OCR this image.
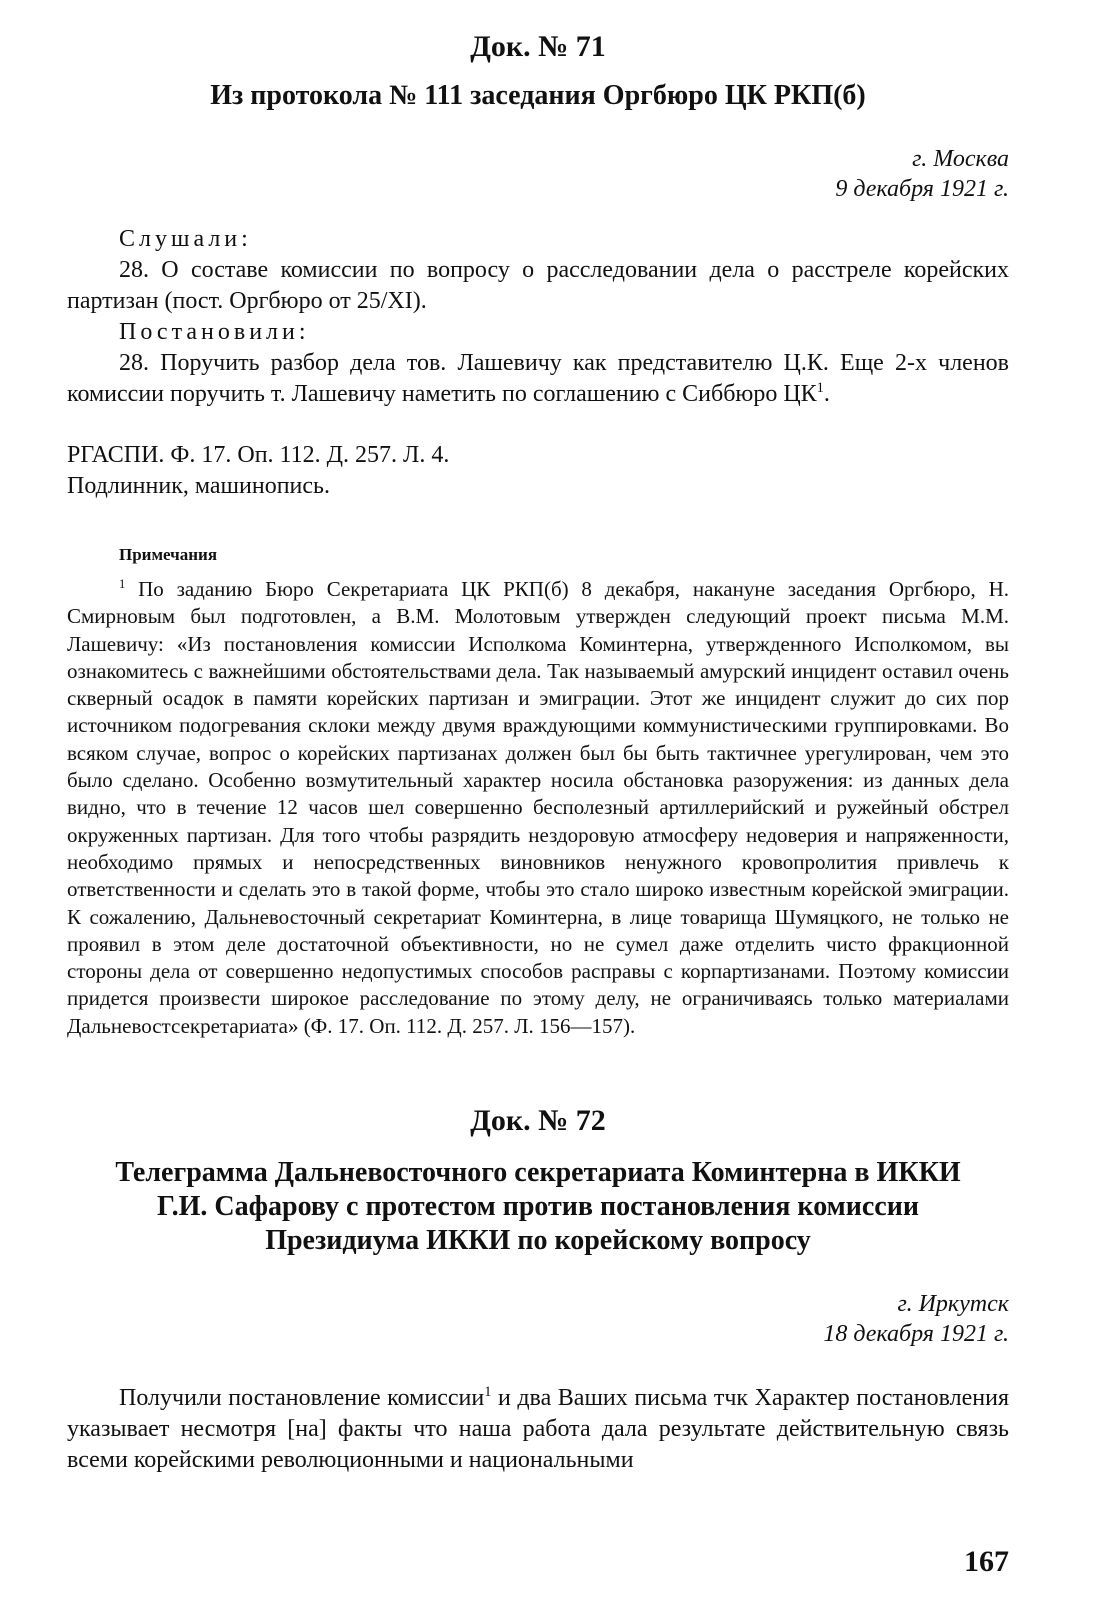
Док. № 71
Из протокола № 111 заседания Оргбюро ЦК РКП(б)
г. Москва
9 декабря 1921 г.

Слушали:

28. О составе комиссии по вопросу о расследовании дела о расстреле корейских партизан (пост. Оргбюро от 25/XI).

Постановили:

28. Поручить разбор дела тов. Лашевичу как представителю Ц.К. Еще 2-х членов комиссии поручить т. Лашевичу наметить по соглашению с Сиббюро $ЦК^1$.

РГАСПИ. Ф. 17. Оп. 112. Д. 257. Л. 4.

Подлинник, машинопись.

Примечания

$^1$ По заданию Бюро Секретариата ЦК РКП(б) 8 декабря, накануне заседания Оргбюро, Н. Смирновым был подготовлен, а В.М. Молотовым утвержден следующий проект письма М.М. Лашевичу: «Из постановления комиссии Исполкома Коминтерна, утвержденного Исполкомом, вы ознакомитесь с важнейшими обстоятельствами дела. Так называемый амурский инцидент оставил очень скверный осадок в памяти корейских партизан и эмиграции. Этот же инцидент служит до сих пор источником подогревания склоки между двумя враждующими коммунистическими группировками. Во всяком случае, вопрос о корейских партизанах должен был бы быть тактичнее урегулирован, чем это было сделано. Особенно возмутительный характер носила обстановка разоружения: из данных дела видно, что в течение 12 часов шел совершенно бесполезный артиллерийский и ружейный обстрел окруженных партизан. Для того чтобы разрядить нездоровую атмосферу недоверия и напряженности, необходимо прямых и непосредственных виновников ненужного кровопролития привлечь к ответственности и сделать это в такой форме, чтобы это стало широко известным корейской эмиграции. К сожалению, Дальневосточный секретариат Коминтерна, в лице товарища Шумяцкого, не только не проявил в этом деле достаточной объективности, но не сумел даже отделить чисто фракционной стороны дела от совершенно недопустимых способов расправы с корпартизанами. Поэтому комиссии придется произвести широкое расследование по этому делу, не ограничиваясь только материалами Дальневостсекретариата» (Ф. 17. Оп. 112. Д. 257. Л. 156—157).

Док. № 72
Телеграмма Дальневосточного секретариата Коминтерна в ИККИ
Г.И. Сафарову с протестом против постановления комиссии
Президиума ИККИ по корейскому вопросу
г. Иркутск
18 декабря 1921 г.

Получили постановление комиссии$^1$ и два Ваших письма тчк Характер постановления указывает несмотря [на] факты что наша работа дала результате действительную связь всеми корейскими революционными и национальными

167
